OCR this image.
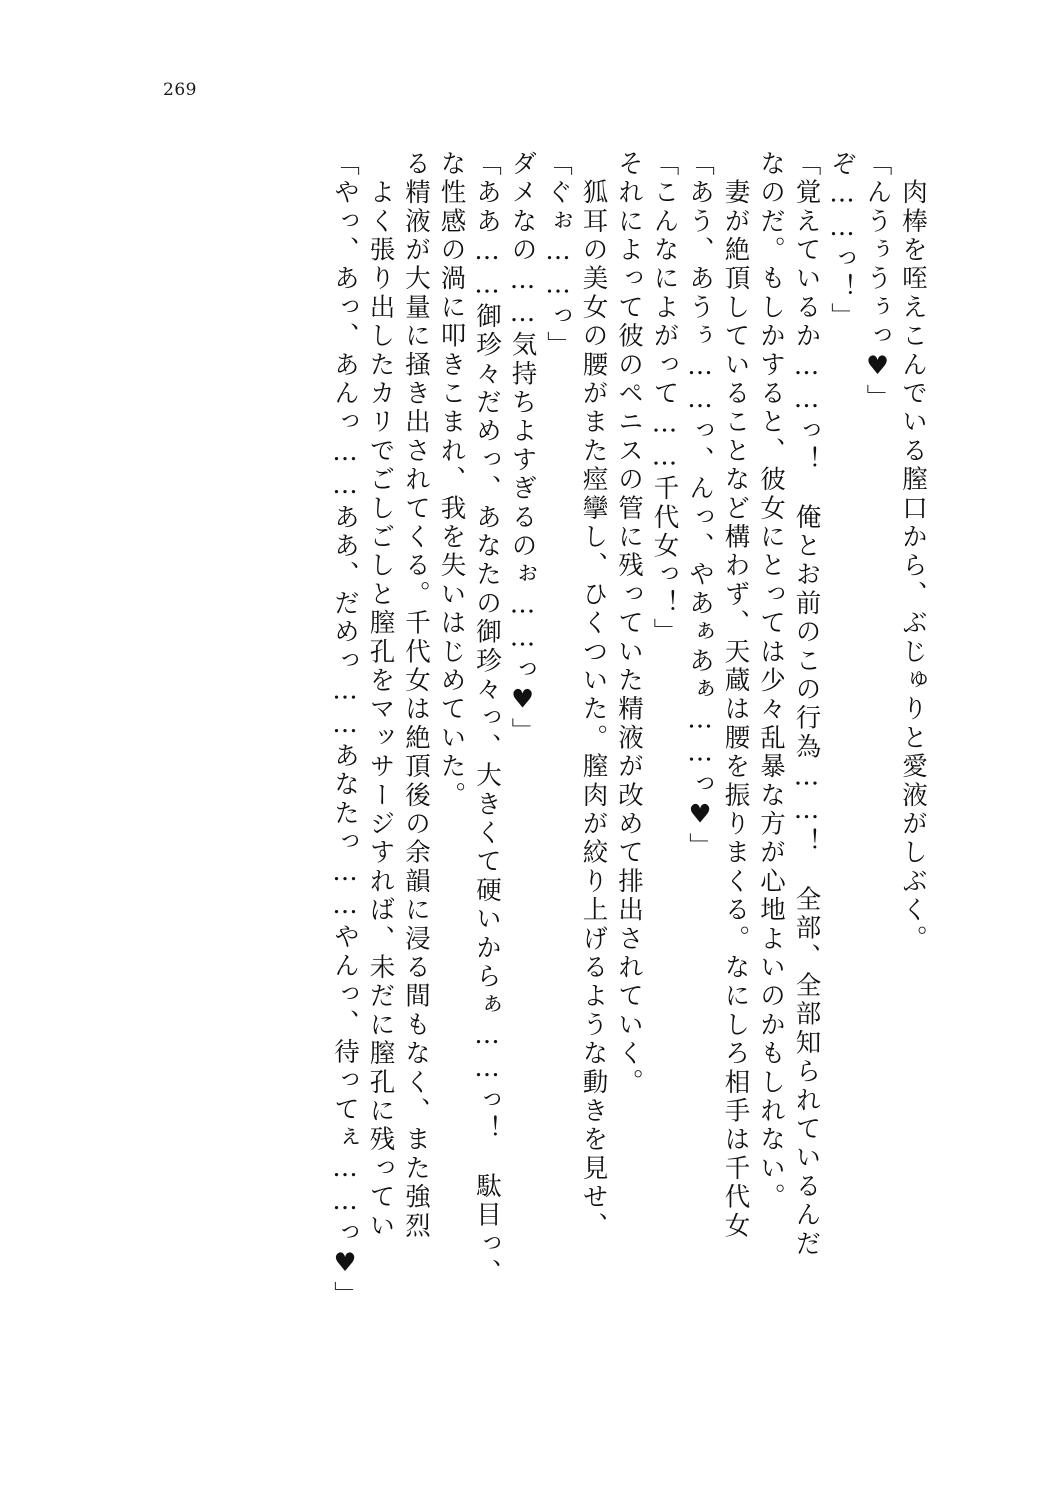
269
「やっ、あっ、あんっ……ああ、だめっ……あなたっ……やんっ、待ってぇ……っ♥」 　よく張り出したカリでごしごしと膣孔をマッサージすれば、未だに膣孔に残ってい る精液が大量に掻き出されてくる。千代女は絶頂後の余韻に浸る間もなく、また強烈 な性感の渦に叩きこまれ、我を失いはじめていた。 「ああ……御珍々だめっ、あなたの御珍々っ、大きくて硬いからぁ……っ！　駄目っ、 ダメなの……気持ちよすぎるのぉ……っ♥」 「ぐぉ……っ」 　狐耳の美女の腰がまた痙攣し、ひくついた。膣肉が絞り上げるような動きを見せ、 それによって彼のペニスの管に残っていた精液が改めて排出されていく。 「こんなによがって……千代女っ！」 「あう、あうぅ……っ、んっ、やあぁあぁ……っ♥」 　妻が絶頂していることなど構わず、天蔵は腰を振りまくる。なにしろ相手は千代女 なのだ。もしかすると、彼女にとっては少々乱暴な方が心地よいのかもしれない。 「覚えているか……っ！　俺とお前のこの行為……！　全部、全部知られているんだ ぞ……っ！」 「んうぅうぅっ♥」 　肉棒を咥えこんでいる膣口から、ぶじゅりと愛液がしぶく。
